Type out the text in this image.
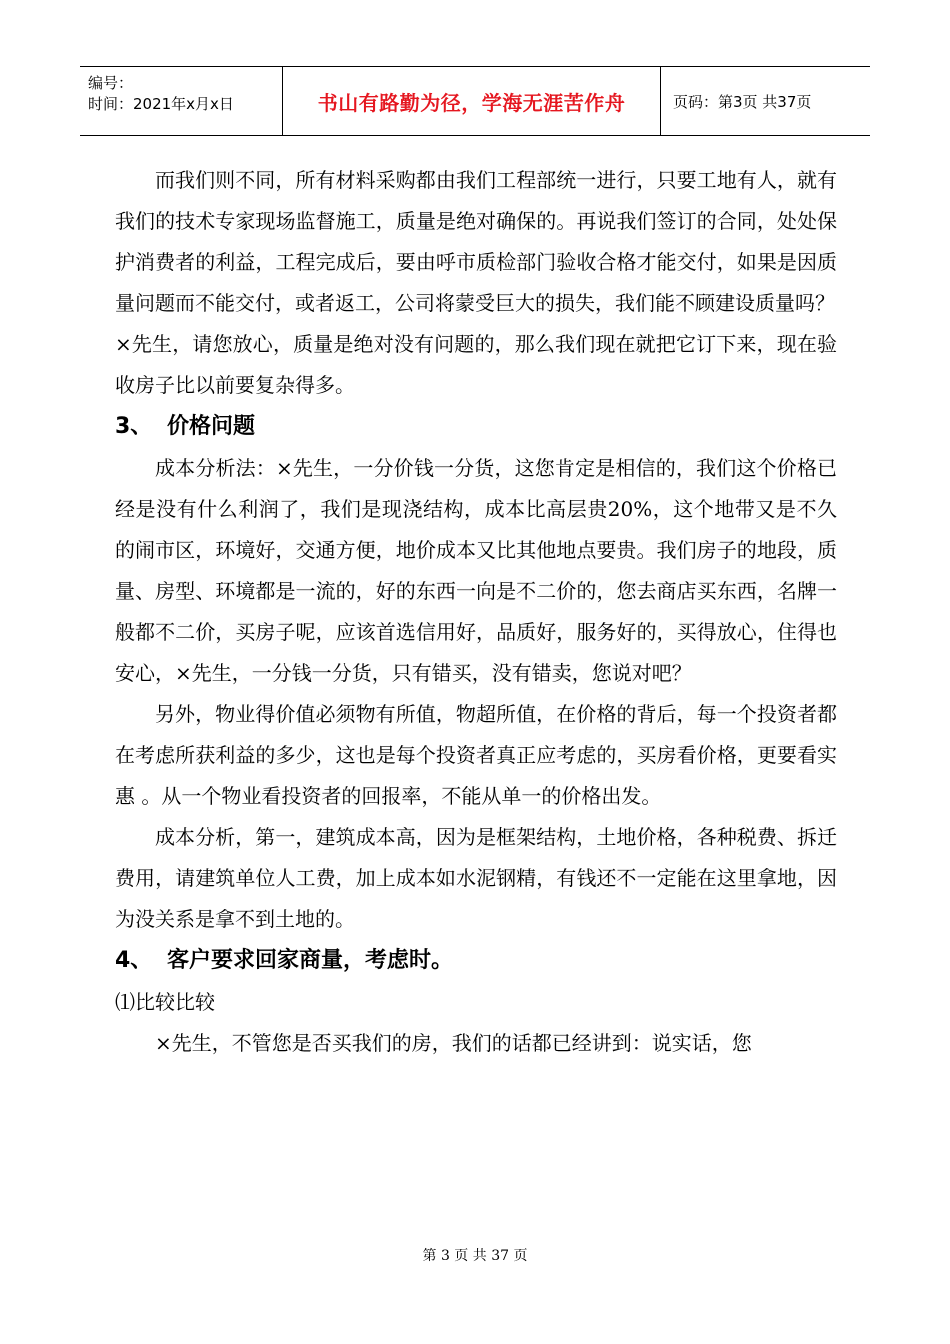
编号：
时间：2021年x月x日	书山有路勤为径，学海无涯苦作舟	页码：第3页 共37页

而我们则不同，所有材料采购都由我们工程部统一进行，只要工地有人，就有我们的技术专家现场监督施工，质量是绝对确保的。再说我们签订的合同，处处保护消费者的利益，工程完成后，要由呼市质检部门验收合格才能交付，如果是因质量问题而不能交付，或者返工，公司将蒙受巨大的损失，我们能不顾建设质量吗？

×先生，请您放心，质量是绝对没有问题的，那么我们现在就把它订下来，现在验收房子比以前要复杂得多。

3、 价格问题

成本分析法：×先生，一分价钱一分货，这您肯定是相信的，我们这个价格已经是没有什么利润了，我们是现浇结构，成本比高层贵20%，这个地带又是不久的闹市区，环境好，交通方便，地价成本又比其他地点要贵。我们房子的地段，质量、房型、环境都是一流的，好的东西一向是不二价的，您去商店买东西，名牌一般都不二价，买房子呢，应该首选信用好，品质好，服务好的，买得放心，住得也安心，×先生，一分钱一分货，只有错买，没有错卖，您说对吧？

另外，物业得价值必须物有所值，物超所值，在价格的背后，每一个投资者都在考虑所获利益的多少，这也是每个投资者真正应考虑的，买房看价格，更要看实惠 。从一个物业看投资者的回报率，不能从单一的价格出发。

成本分析，第一，建筑成本高，因为是框架结构，土地价格，各种税费、拆迁费用，请建筑单位人工费，加上成本如水泥钢精，有钱还不一定能在这里拿地，因为没关系是拿不到土地的。

4、 客户要求回家商量，考虑时。

⑴比较比较

×先生，不管您是否买我们的房，我们的话都已经讲到：说实话，您

第 3 页 共 37 页
